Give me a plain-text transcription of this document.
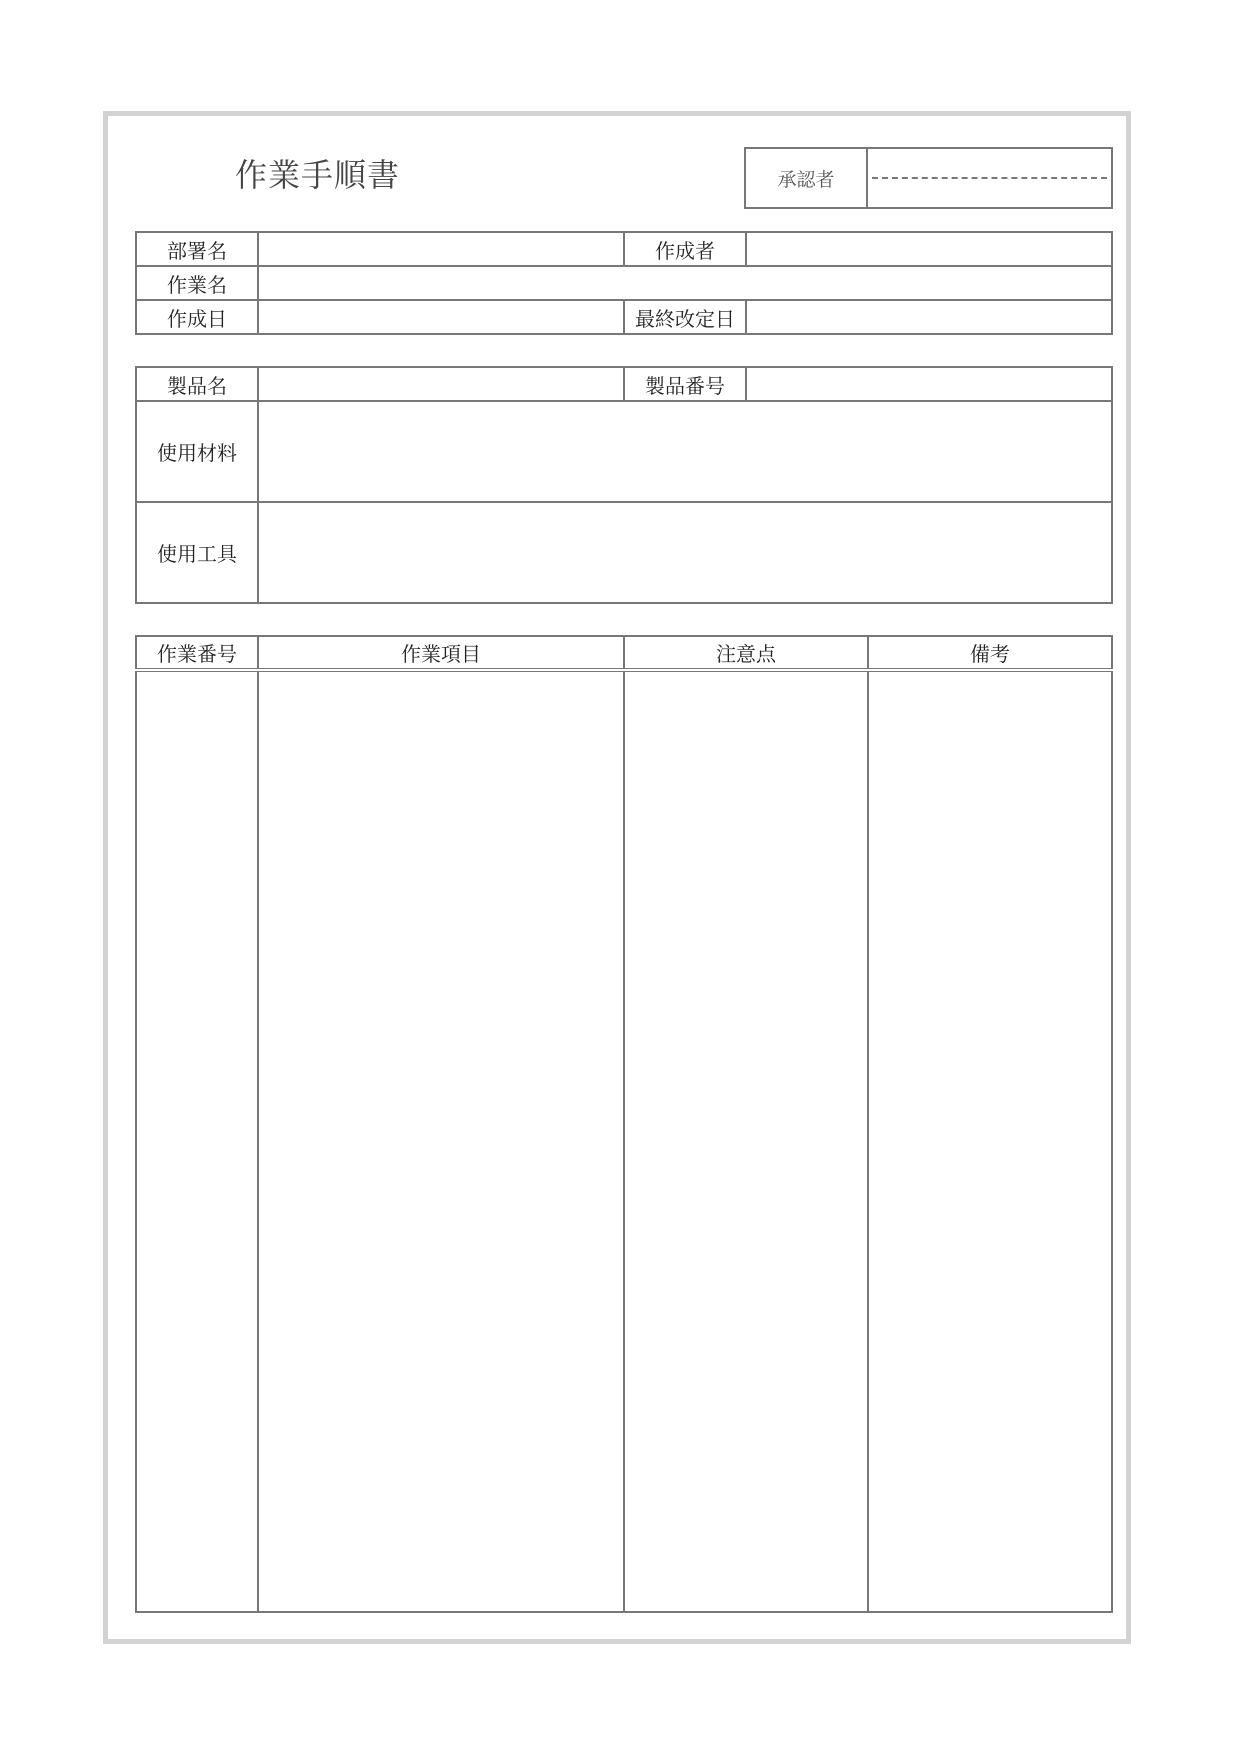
作業手順書	承認者	
部署名		作成者	
作業名			
作成日		最終改定日	
製品名		製品番号	
使用材料			
使用工具			
作業番号	作業項目	注意点	備考
